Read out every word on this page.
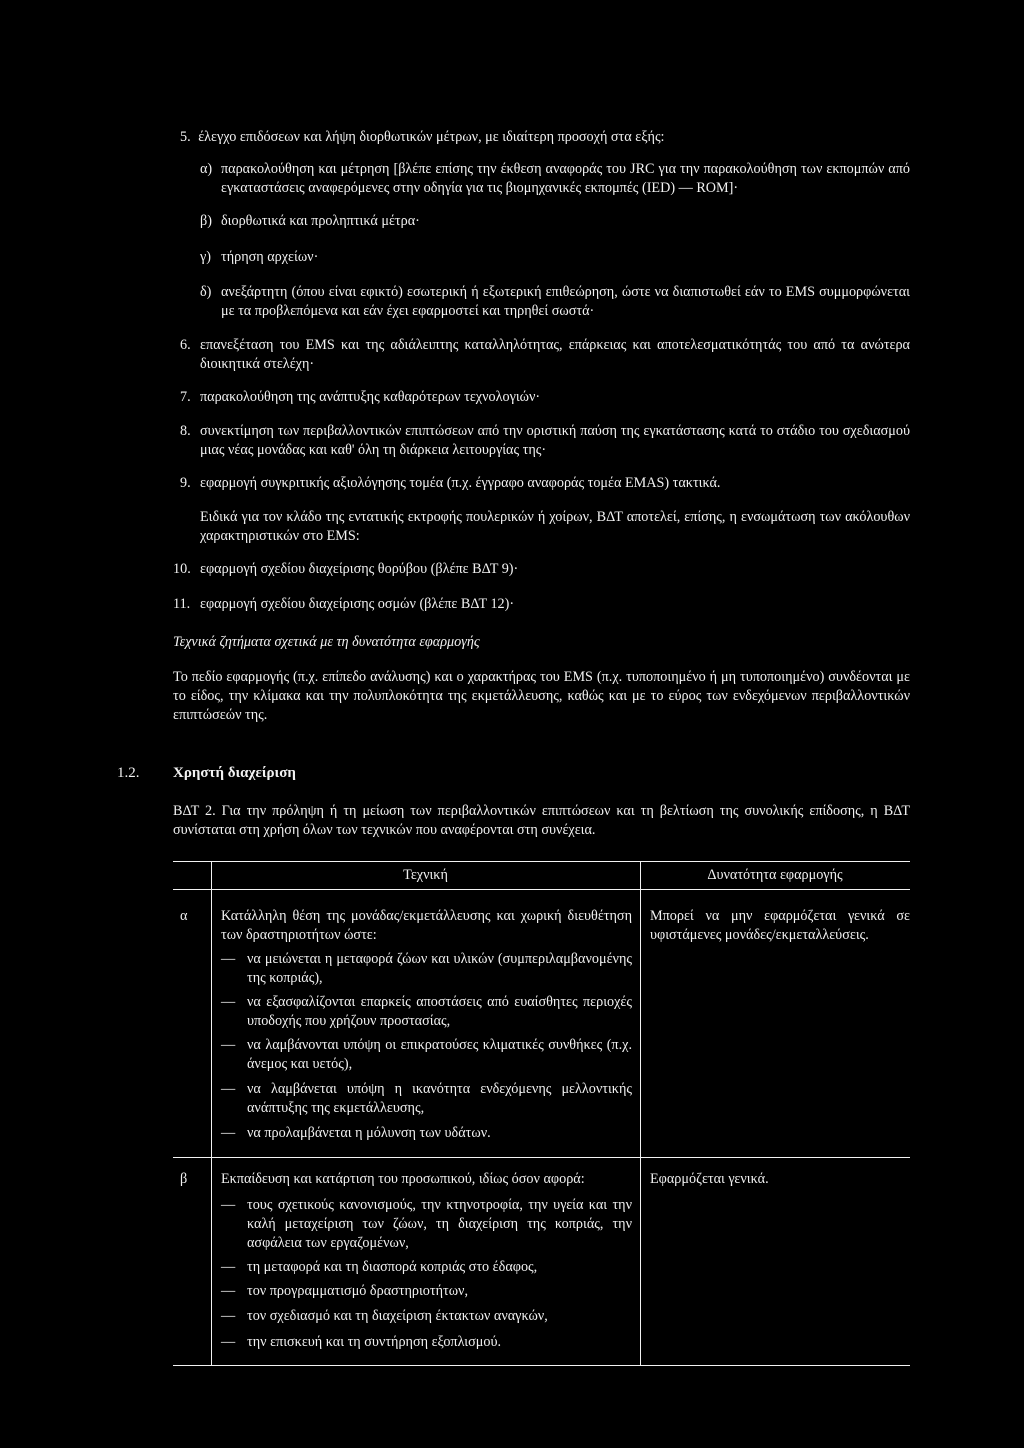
5. έλεγχο επιδόσεων και λήψη διορθωτικών μέτρων, με ιδιαίτερη προσοχή στα εξής:
α) παρακολούθηση και μέτρηση [βλέπε επίσης την έκθεση αναφοράς του JRC για την παρακολούθηση των εκπομπών από εγκαταστάσεις αναφερόμενες στην οδηγία για τις βιομηχανικές εκπομπές (IED) — ROM]·
β) διορθωτικά και προληπτικά μέτρα·
γ) τήρηση αρχείων·
δ) ανεξάρτητη (όπου είναι εφικτό) εσωτερική ή εξωτερική επιθεώρηση, ώστε να διαπιστωθεί εάν το EMS συμμορφώνεται με τα προβλεπόμενα και εάν έχει εφαρμοστεί και τηρηθεί σωστά·
6. επανεξέταση του EMS και της αδιάλειπτης καταλληλότητας, επάρκειας και αποτελεσματικότητάς του από τα ανώτερα διοικητικά στελέχη·
7. παρακολούθηση της ανάπτυξης καθαρότερων τεχνολογιών·
8. συνεκτίμηση των περιβαλλοντικών επιπτώσεων από την οριστική παύση της εγκατάστασης κατά το στάδιο του σχεδιασμού μιας νέας μονάδας και καθ' όλη τη διάρκεια λειτουργίας της·
9. εφαρμογή συγκριτικής αξιολόγησης τομέα (π.χ. έγγραφο αναφοράς τομέα EMAS) τακτικά.
Ειδικά για τον κλάδο της εντατικής εκτροφής πουλερικών ή χοίρων, ΒΔΤ αποτελεί, επίσης, η ενσωμάτωση των ακόλουθων χαρακτηριστικών στο EMS:
10. εφαρμογή σχεδίου διαχείρισης θορύβου (βλέπε ΒΔΤ 9)·
11. εφαρμογή σχεδίου διαχείρισης οσμών (βλέπε ΒΔΤ 12)·
Τεχνικά ζητήματα σχετικά με τη δυνατότητα εφαρμογής
Το πεδίο εφαρμογής (π.χ. επίπεδο ανάλυσης) και ο χαρακτήρας του EMS (π.χ. τυποποιημένο ή μη τυποποιημένο) συνδέονται με το είδος, την κλίμακα και την πολυπλοκότητα της εκμετάλλευσης, καθώς και με το εύρος των ενδεχόμενων περιβαλλοντικών επιπτώσεών της.
1.2. Χρηστή διαχείριση
ΒΔΤ 2. Για την πρόληψη ή τη μείωση των περιβαλλοντικών επιπτώσεων και τη βελτίωση της συνολικής επίδοσης, η ΒΔΤ συνίσταται στη χρήση όλων των τεχνικών που αναφέρονται στη συνέχεια.
Τεχνική	Δυνατότητα εφαρμογής
α Κατάλληλη θέση της μονάδας/εκμετάλλευσης και χωρική διευθέτηση των δραστηριοτήτων ώστε:
— να μειώνεται η μεταφορά ζώων και υλικών (συμπεριλαμβανομένης της κοπριάς),
— να εξασφαλίζονται επαρκείς αποστάσεις από ευαίσθητες περιοχές υποδοχής που χρήζουν προστασίας,
— να λαμβάνονται υπόψη οι επικρατούσες κλιματικές συνθήκες (π.χ. άνεμος και υετός),
— να λαμβάνεται υπόψη η ικανότητα ενδεχόμενης μελλοντικής ανάπτυξης της εκμετάλλευσης,
— να προλαμβάνεται η μόλυνση των υδάτων.
Μπορεί να μην εφαρμόζεται γενικά σε υφιστάμενες μονάδες/εκμεταλλεύσεις.
β Εκπαίδευση και κατάρτιση του προσωπικού, ιδίως όσον αφορά:
— τους σχετικούς κανονισμούς, την κτηνοτροφία, την υγεία και την καλή μεταχείριση των ζώων, τη διαχείριση της κοπριάς, την ασφάλεια των εργαζομένων,
— τη μεταφορά και τη διασπορά κοπριάς στο έδαφος,
— τον προγραμματισμό δραστηριοτήτων,
— τον σχεδιασμό και τη διαχείριση έκτακτων αναγκών,
— την επισκευή και τη συντήρηση εξοπλισμού.
Εφαρμόζεται γενικά.
